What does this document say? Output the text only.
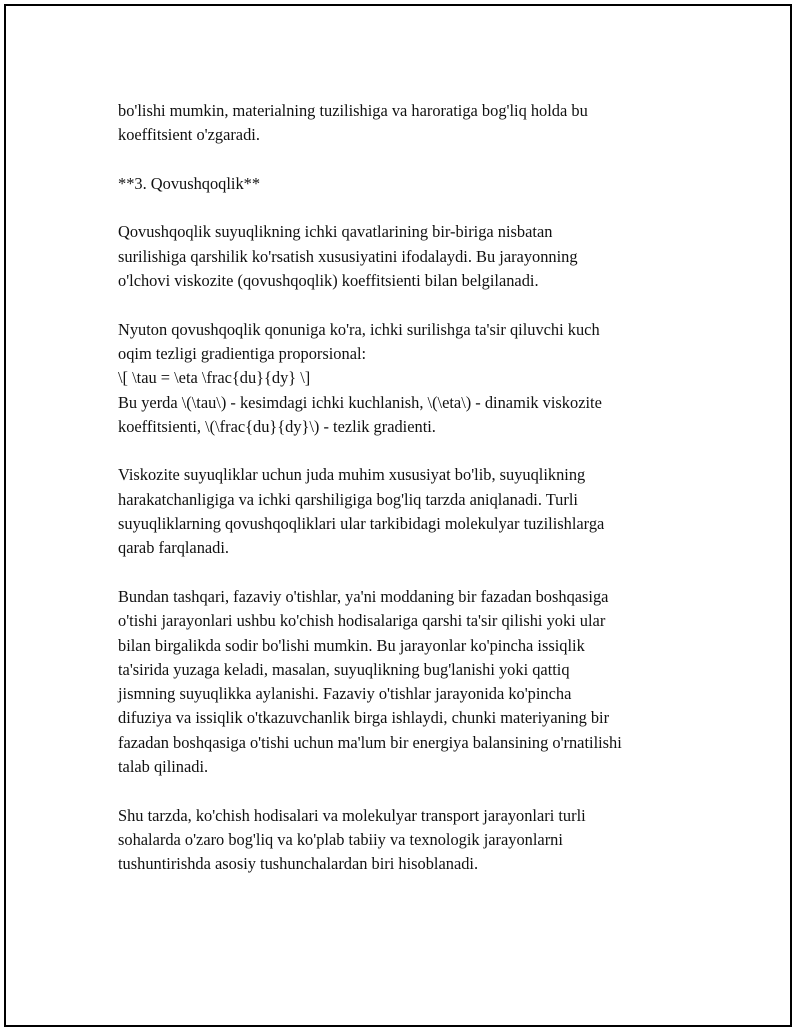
bo'lishi mumkin, materialning tuzilishiga va haroratiga bog'liq holda bu
koeffitsient o'zgaradi.

**3. Qovushqoqlik**

Qovushqoqlik suyuqlikning ichki qavatlarining bir-biriga nisbatan
surilishiga qarshilik ko'rsatish xususiyatini ifodalaydi. Bu jarayonning
o'lchovi viskozite (qovushqoqlik) koeffitsienti bilan belgilanadi.

Nyuton qovushqoqlik qonuniga ko'ra, ichki surilishga ta'sir qiluvchi kuch
oqim tezligi gradientiga proporsional:
\[ \tau = \eta \frac{du}{dy} \]
Bu yerda \(\tau\) - kesimdagi ichki kuchlanish, \(\eta\) - dinamik viskozite
koeffitsienti, \(\frac{du}{dy}\) - tezlik gradienti.

Viskozite suyuqliklar uchun juda muhim xususiyat bo'lib, suyuqlikning
harakatchanligiga va ichki qarshiligiga bog'liq tarzda aniqlanadi. Turli
suyuqliklarning qovushqoqliklari ular tarkibidagi molekulyar tuzilishlarga
qarab farqlanadi.

Bundan tashqari, fazaviy o'tishlar, ya'ni moddaning bir fazadan boshqasiga
o'tishi jarayonlari ushbu ko'chish hodisalariga qarshi ta'sir qilishi yoki ular
bilan birgalikda sodir bo'lishi mumkin. Bu jarayonlar ko'pincha issiqlik
ta'sirida yuzaga keladi, masalan, suyuqlikning bug'lanishi yoki qattiq
jismning suyuqlikka aylanishi. Fazaviy o'tishlar jarayonida ko'pincha
difuziya va issiqlik o'tkazuvchanlik birga ishlaydi, chunki materiyaning bir
fazadan boshqasiga o'tishi uchun ma'lum bir energiya balansining o'rnatilishi
talab qilinadi.

Shu tarzda, ko'chish hodisalari va molekulyar transport jarayonlari turli
sohalarda o'zaro bog'liq va ko'plab tabiiy va texnologik jarayonlarni
tushuntirishda asosiy tushunchalardan biri hisoblanadi.
